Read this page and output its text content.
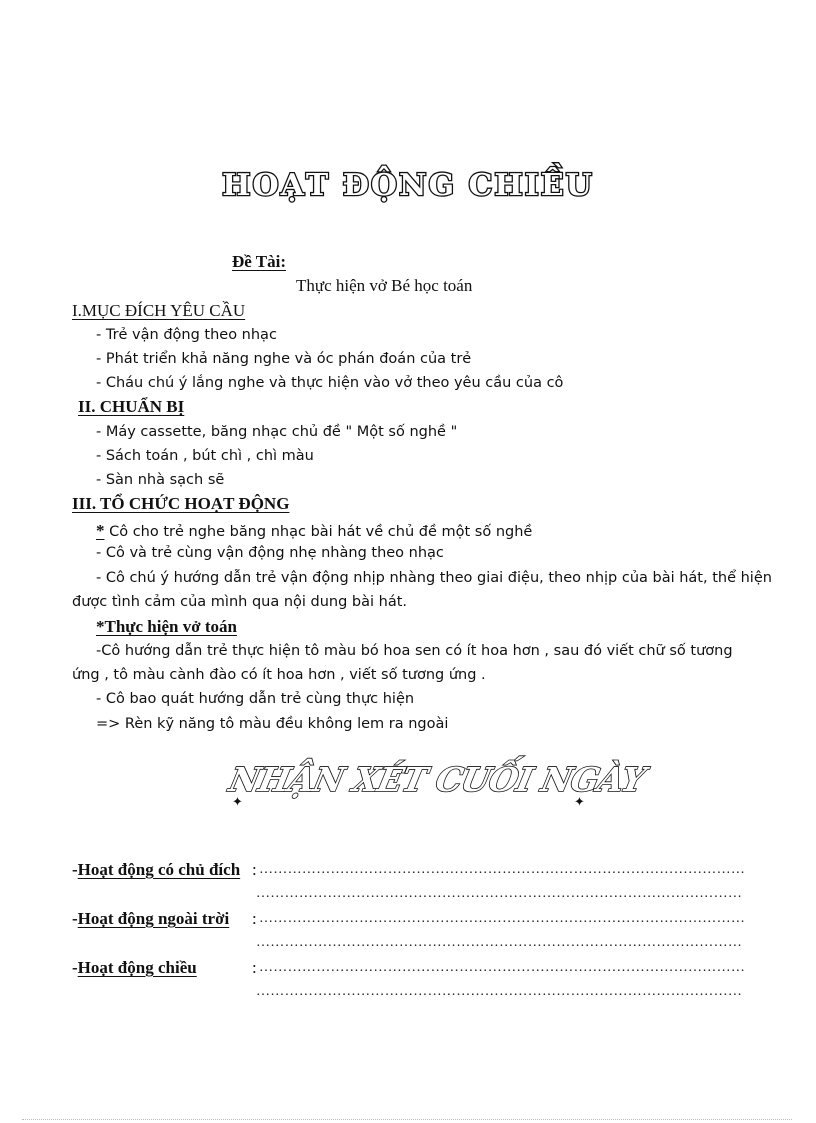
HOẠT ĐỘNG CHIỀU
Đề Tài:
Thực hiện vở Bé học toán
I.MỤC ĐÍCH YÊU CẦU
- Trẻ vận động theo nhạc
- Phát triển khả năng nghe và óc phán đoán của trẻ
- Cháu chú ý lắng nghe và thực hiện vào vở theo yêu cầu của cô
II. CHUẨN BỊ
- Máy cassette, băng nhạc chủ đề " Một số nghề "
- Sách toán , bút chì , chì màu
- Sàn nhà sạch sẽ
III. TỔ CHỨC HOẠT ĐỘNG
* Cô cho trẻ nghe băng nhạc bài hát về chủ đề một số nghề
- Cô và trẻ cùng vận động nhẹ nhàng theo nhạc
- Cô chú ý hướng dẫn trẻ vận động nhịp nhàng theo giai điệu, theo nhịp của bài hát, thể hiện
được tình cảm của mình qua nội dung bài hát.
*Thực hiện vở toán
-Cô hướng dẫn trẻ thực hiện tô màu bó hoa sen có ít hoa hơn , sau đó viết chữ số tương
ứng , tô màu cành đào có ít hoa hơn , viết số tương ứng .
- Cô bao quát hướng dẫn trẻ cùng thực hiện
=> Rèn kỹ năng tô màu đều không lem ra ngoài
✦
NHẬN XÉT CUỐI NGÀY
✦
-Hoạt động có chủ đích : …………………………………………………………………………………………
…………………………………………………………………………………………
-Hoạt động ngoài trời : …………………………………………………………………………………………
…………………………………………………………………………………………
-Hoạt động chiều	: …………………………………………………………………………………………
…………………………………………………………………………………………
